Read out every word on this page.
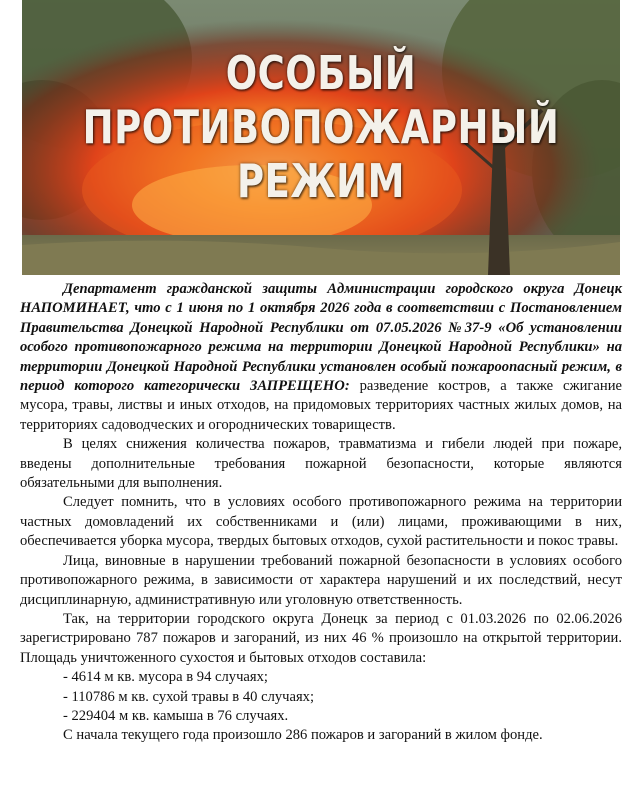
ОСОБЫЙ
ПРОТИВОПОЖАРНЫЙ
РЕЖИМ

Департамент гражданской защиты Администрации городского округа Донецк НАПОМИНАЕТ, что с 1 июня по 1 октября 2026 года в соответствии с Постановлением Правительства Донецкой Народной Республики от 07.05.2026 №37-9 «Об установлении особого противопожарного режима на территории Донецкой Народной Республики» на территории Донецкой Народной Республики установлен особый пожароопасный режим, в период которого категорически ЗАПРЕЩЕНО: разведение костров, а также сжигание мусора, травы, листвы и иных отходов, на придомовых территориях частных жилых домов, на территориях садоводческих и огороднических товариществ.

В целях снижения количества пожаров, травматизма и гибели людей при пожаре, введены дополнительные требования пожарной безопасности, которые являются обязательными для выполнения.

Следует помнить, что в условиях особого противопожарного режима на территории частных домовладений их собственниками и (или) лицами, проживающими в них, обеспечивается уборка мусора, твердых бытовых отходов, сухой растительности и покос травы.

Лица, виновные в нарушении требований пожарной безопасности в условиях особого противопожарного режима, в зависимости от характера нарушений и их последствий, несут дисциплинарную, административную или уголовную ответственность.

Так, на территории городского округа Донецк за период с 01.03.2026 по 02.06.2026 зарегистрировано 787 пожаров и загораний, из них 46 % произошло на открытой территории. Площадь уничтоженного сухостоя и бытовых отходов составила:

- 4614 м кв. мусора в 94 случаях;

- 110786 м кв. сухой травы в 40 случаях;

- 229404 м кв. камыша в 76 случаях.

С начала текущего года произошло 286 пожаров и загораний в жилом фонде.
